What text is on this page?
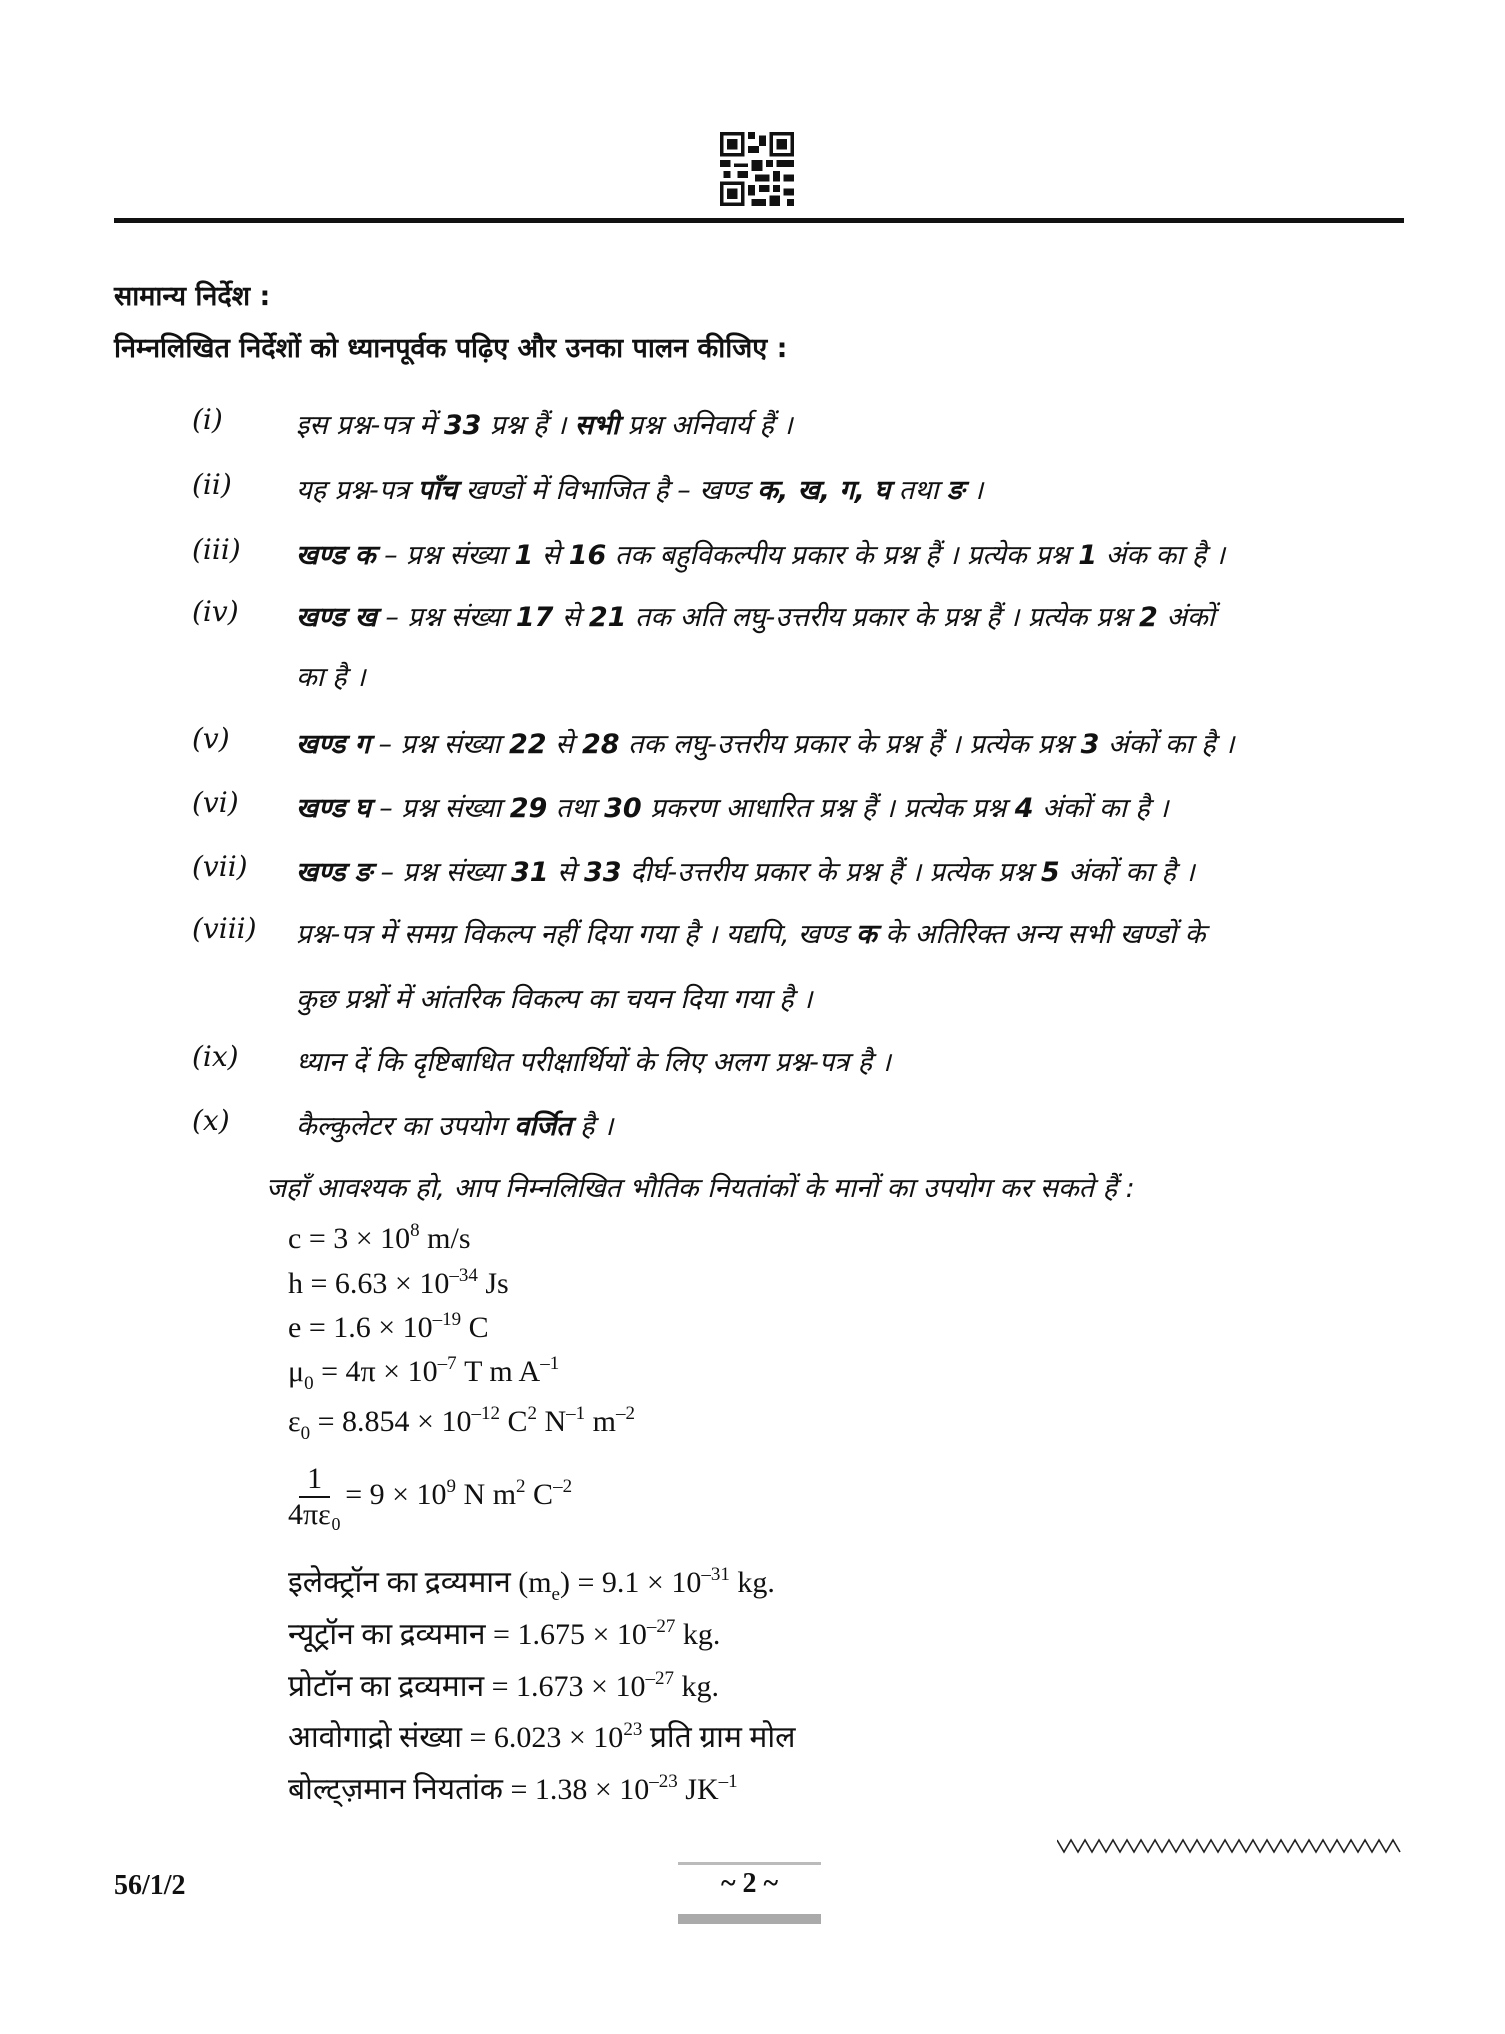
सामान्य निर्देश :
निम्नलिखित निर्देशों को ध्यानपूर्वक पढ़िए और उनका पालन कीजिए :
(i)	इस प्रश्न-पत्र में 33 प्रश्न हैं । सभी प्रश्न अनिवार्य हैं ।
(ii) यह प्रश्न-पत्र पाँच खण्डों में विभाजित है – खण्ड क, ख, ग, घ तथा ङ ।
(iii) खण्ड क – प्रश्न संख्या 1 से 16 तक बहुविकल्पीय प्रकार के प्रश्न हैं । प्रत्येक प्रश्न 1 अंक का है ।
(iv) खण्ड ख – प्रश्न संख्या 17 से 21 तक अति लघु-उत्तरीय प्रकार के प्रश्न हैं । प्रत्येक प्रश्न 2 अंकों
का है ।
(v) खण्ड ग – प्रश्न संख्या 22 से 28 तक लघु-उत्तरीय प्रकार के प्रश्न हैं । प्रत्येक प्रश्न 3 अंकों का है ।
(vi) खण्ड घ – प्रश्न संख्या 29 तथा 30 प्रकरण आधारित प्रश्न हैं । प्रत्येक प्रश्न 4 अंकों का है ।
(vii) खण्ड ङ – प्रश्न संख्या 31 से 33 दीर्घ-उत्तरीय प्रकार के प्रश्न हैं । प्रत्येक प्रश्न 5 अंकों का है ।
(viii) प्रश्न-पत्र में समग्र विकल्प नहीं दिया गया है । यद्यपि, खण्ड क के अतिरिक्त अन्य सभी खण्डों के
कुछ प्रश्नों में आंतरिक विकल्प का चयन दिया गया है ।
(ix) ध्यान दें कि दृष्टिबाधित परीक्षार्थियों के लिए अलग प्रश्न-पत्र है ।
(x) कैल्कुलेटर का उपयोग वर्जित है ।
जहाँ आवश्यक हो, आप निम्नलिखित भौतिक नियतांकों के मानों का उपयोग कर सकते हैं :
$c = 3 \times 10^8$ m/s
$h = 6.63 \times 10^{-34}$ Js
$e = 1.6 \times 10^{-19}$ C
$\mu_0 = 4\pi \times 10^{-7}$ T m $A^{-1}$
$\varepsilon_0 = 8.854 \times 10^{-12}$ $C^2$ $N^{-1}$ $m^{-2}$
$\frac{1}{\text{4πε₀}} = 9 \times 10^9$ N $m^2$ $C^{-2}$
इलेक्ट्रॉन का द्रव्यमान $(m_e) = 9.1 \times 10^{-31}$ kg.
न्यूट्रॉन का द्रव्यमान = $1.675 \times 10^{-27}$ kg.
प्रोटॉन का द्रव्यमान = $1.673 \times 10^{-27}$ kg.
आवोगाद्रो संख्या = $6.023 \times 10^{23}$ प्रति ग्राम मोल
बोल्ट्ज़मान नियतांक = $1.38 \times 10^{-23}$ $JK^{-1}$
56/1/2	~ 2 ~
